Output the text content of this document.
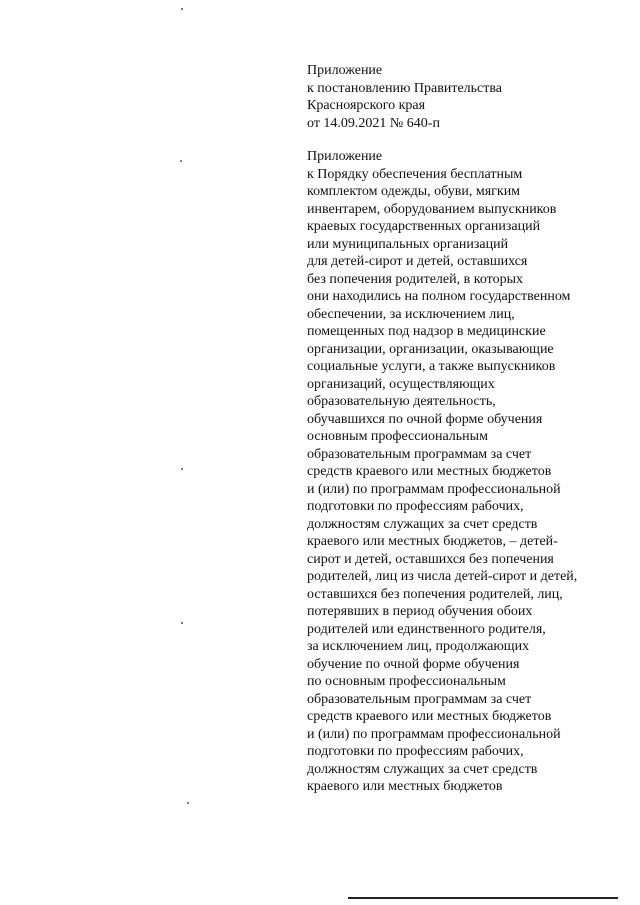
Приложение
к постановлению Правительства
Красноярского края
от 14.09.2021 № 640-п
Приложение
к Порядку обеспечения бесплатным
комплектом одежды, обуви, мягким
инвентарем, оборудованием выпускников
краевых государственных организаций
или муниципальных организаций
для детей-сирот и детей, оставшихся
без попечения родителей, в которых
они находились на полном государственном
обеспечении, за исключением лиц,
помещенных под надзор в медицинские
организации, организации, оказывающие
социальные услуги, а также выпускников
организаций, осуществляющих
образовательную деятельность,
обучавшихся по очной форме обучения
основным профессиональным
образовательным программам за счет
средств краевого или местных бюджетов
и (или) по программам профессиональной
подготовки по профессиям рабочих,
должностям служащих за счет средств
краевого или местных бюджетов, – детей-
сирот и детей, оставшихся без попечения
родителей, лиц из числа детей-сирот и детей,
оставшихся без попечения родителей, лиц,
потерявших в период обучения обоих
родителей или единственного родителя,
за исключением лиц, продолжающих
обучение по очной форме обучения
по основным профессиональным
образовательным программам за счет
средств краевого или местных бюджетов
и (или) по программам профессиональной
подготовки по профессиям рабочих,
должностям служащих за счет средств
краевого или местных бюджетов
